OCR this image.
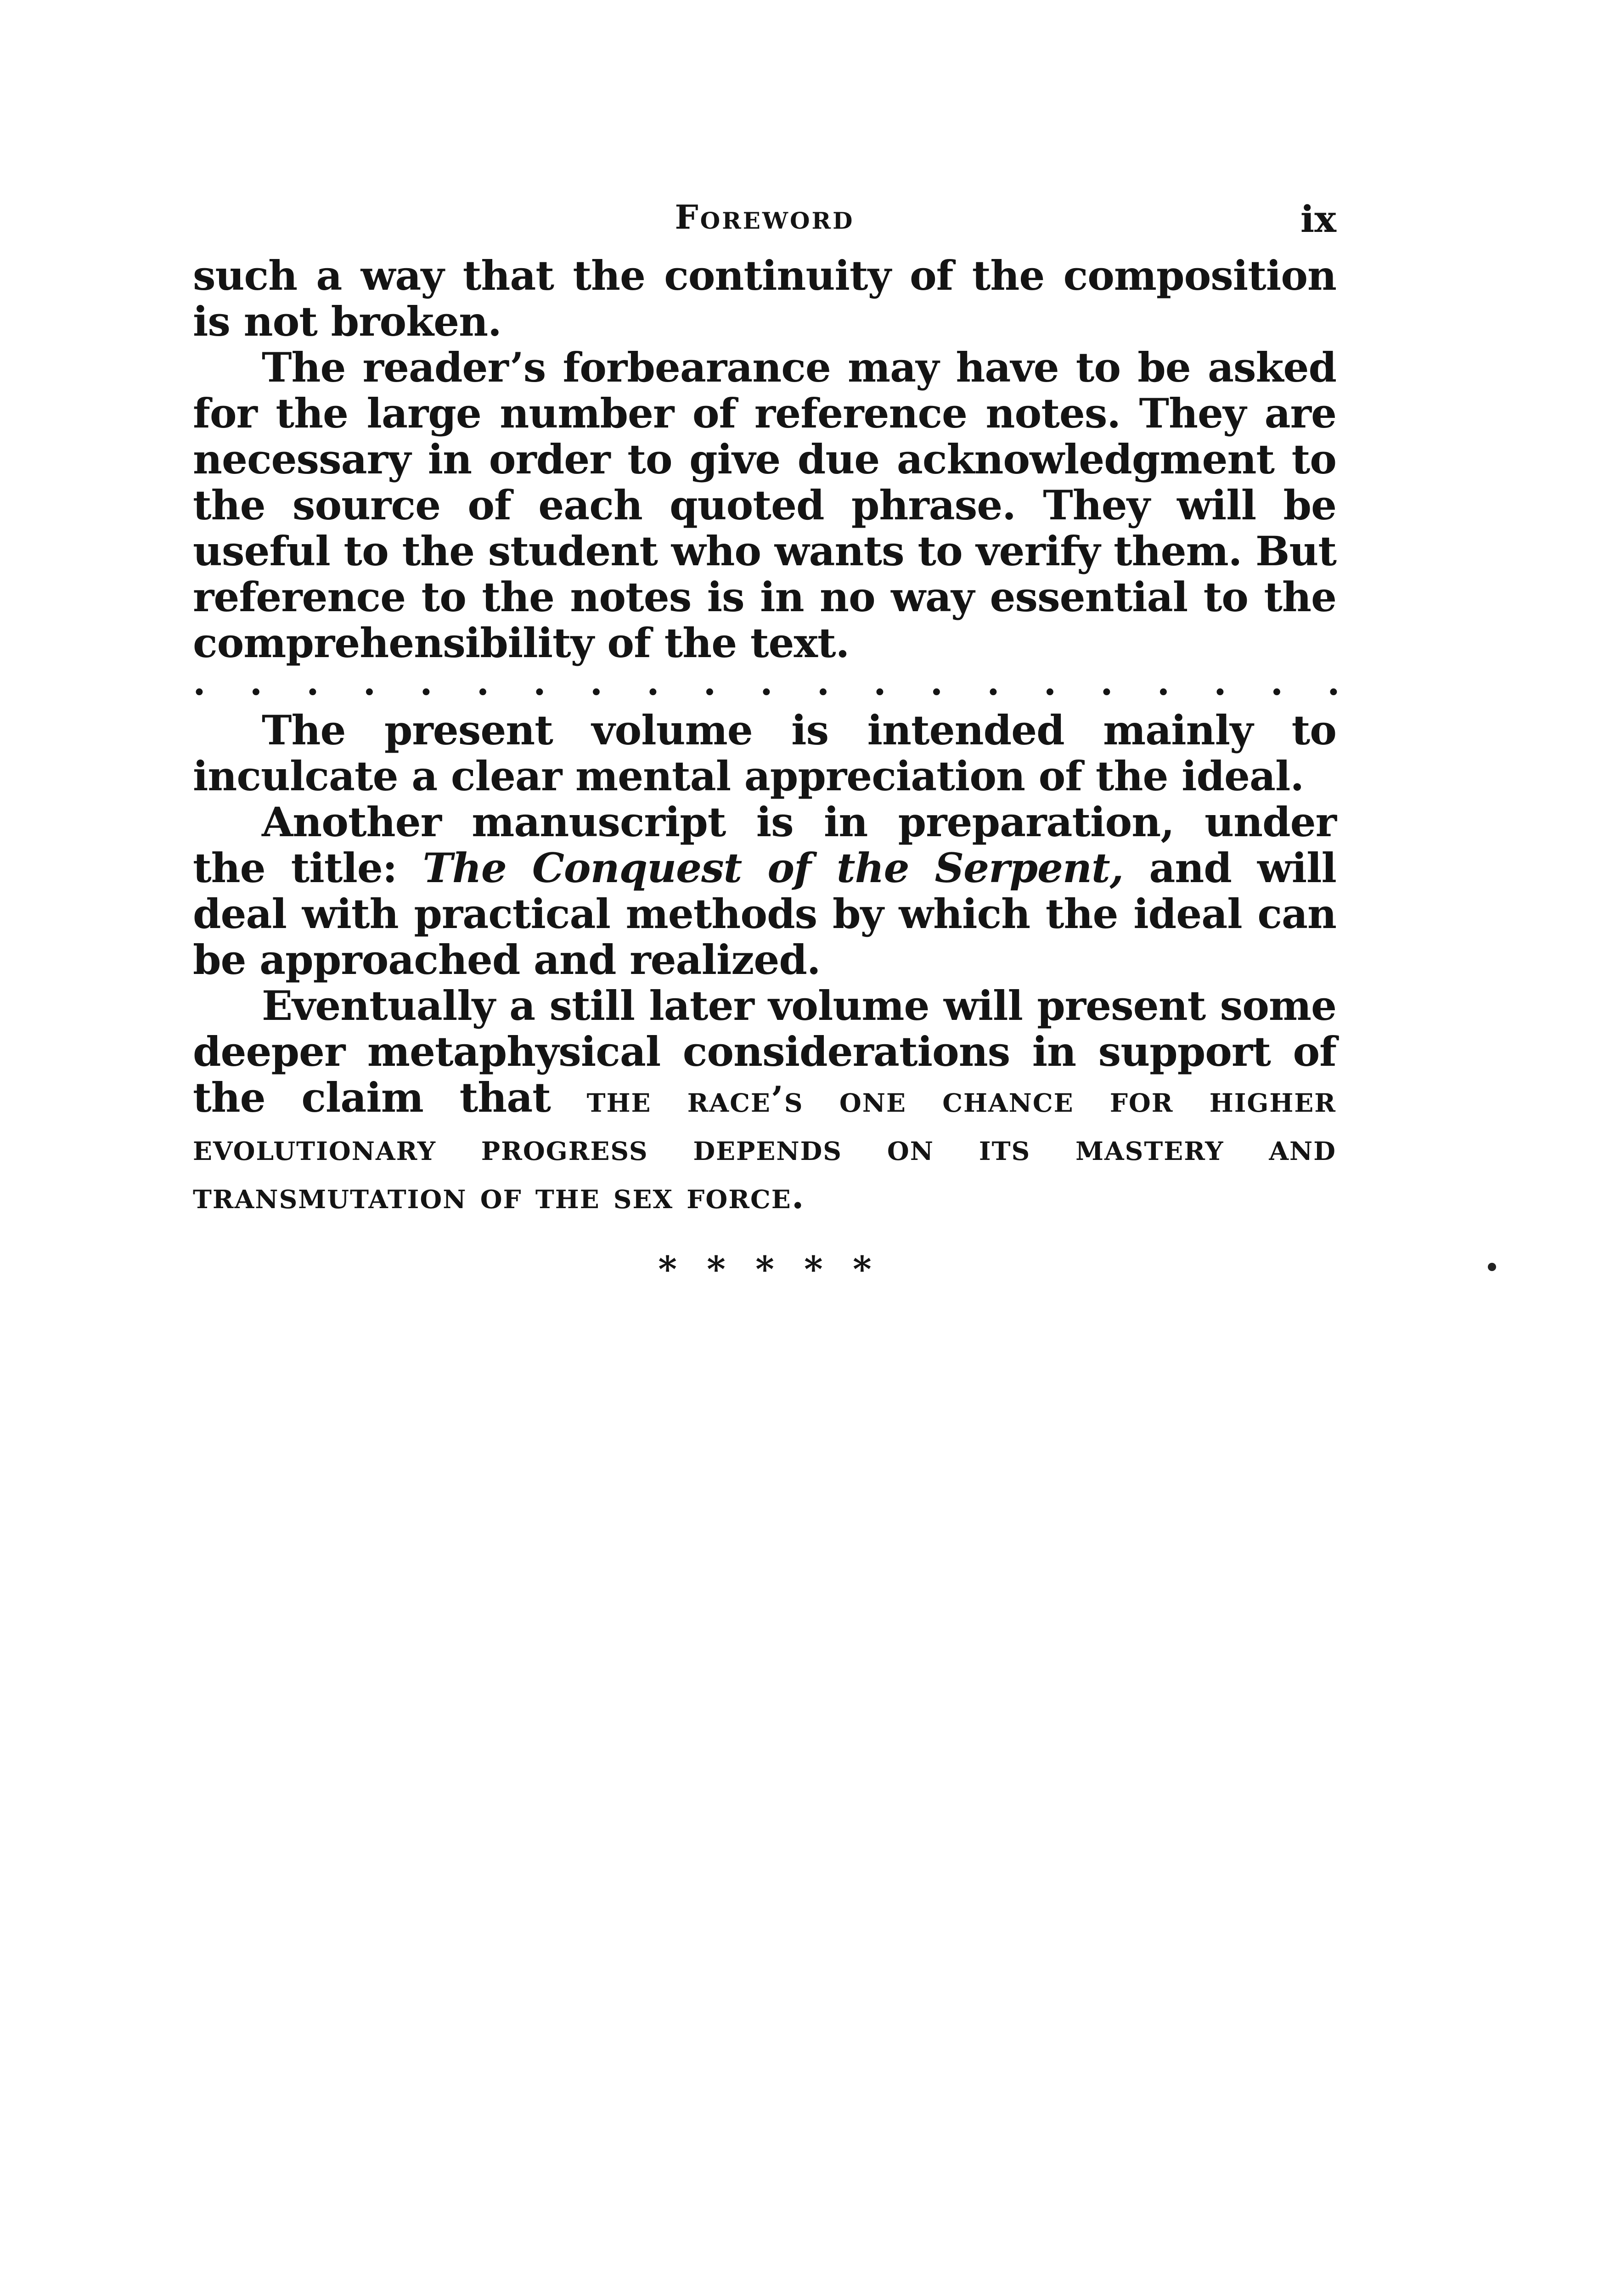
Foreword	ix

such a way that the continuity of the composition is not broken.

The reader’s forbearance may have to be asked for the large number of reference notes. They are necessary in order to give due acknowledgment to the source of each quoted phrase. They will be useful to the student who wants to verify them. But reference to the notes is in no way essential to the comprehensibility of the text.

. . . . . . . . . . . . . . . . . . . . .

The present volume is intended mainly to inculcate a clear mental appreciation of the ideal.

Another manuscript is in preparation, under the title: The Conquest of the Serpent, and will deal with practical methods by which the ideal can be approached and realized.

Eventually a still later volume will present some deeper metaphysical considerations in support of the claim that the race’s one chance for higher evolutionary progress depends on its mastery and transmutation of the sex force.

* * * * *
